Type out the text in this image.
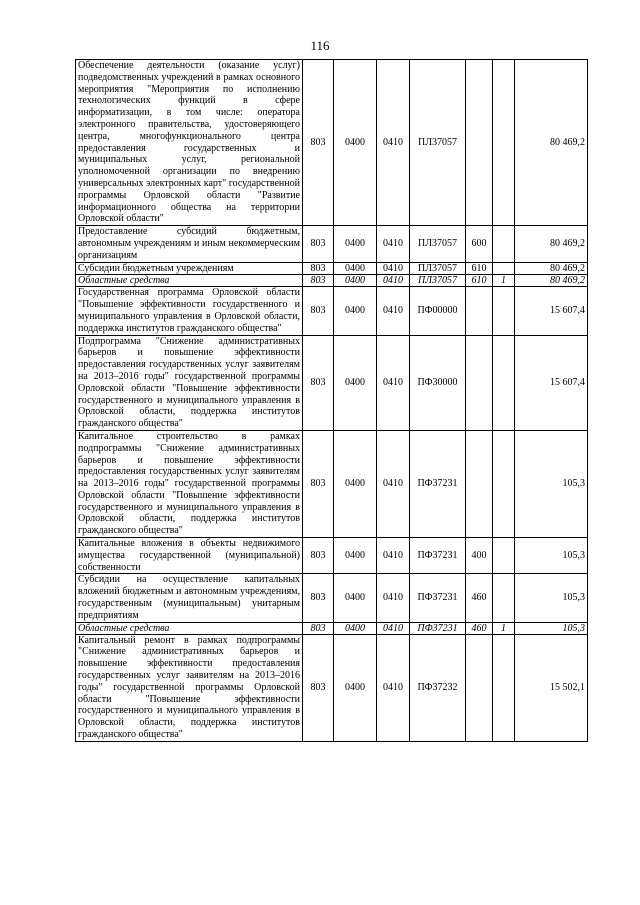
116
Обеспечение деятельности (оказание услуг) подведомственных учреждений в рамках основного мероприятия "Мероприятия по исполнению технологических функций в сфере информатизации, в том числе: оператора электронного правительства, удостоверяющего центра, многофункционального центра предоставления государственных и муниципальных услуг, региональной уполномоченной организации по внедрению универсальных электронных карт" государственной программы Орловской области "Развитие информационного общества на территории Орловской области"	803	0400	0410	ПЛ37057			80 469,2
Предоставление субсидий бюджетным, автономным учреждениям и иным некоммерческим организациям	803	0400	0410	ПЛ37057	600		80 469,2
Субсидии бюджетным учреждениям	803	0400	0410	ПЛ37057	610		80 469,2
Областные средства	803	0400	0410	ПЛ37057	610	1	80 469,2
Государственная программа Орловской области "Повышение эффективности государственного и муниципального управления в Орловской области, поддержка институтов гражданского общества"	803	0400	0410	ПФ00000			15 607,4
Подпрограмма "Снижение административных барьеров и повышение эффективности предоставления государственных услуг заявителям на 2013–2016 годы" государственной программы Орловской области "Повышение эффективности государственного и муниципального управления в Орловской области, поддержка институтов гражданского общества"	803	0400	0410	ПФ30000			15 607,4
Капитальное строительство в рамках подпрограммы "Снижение административных барьеров и повышение эффективности предоставления государственных услуг заявителям на 2013–2016 годы" государственной программы Орловской области "Повышение эффективности государственного и муниципального управления в Орловской области, поддержка институтов гражданского общества"	803	0400	0410	ПФ37231			105,3
Капитальные вложения в объекты недвижимого имущества государственной (муниципальной) собственности	803	0400	0410	ПФ37231	400		105,3
Субсидии на осуществление капитальных вложений бюджетным и автономным учреждениям, государственным (муниципальным) унитарным предприятиям	803	0400	0410	ПФ37231	460		105,3
Областные средства	803	0400	0410	ПФ37231	460	1	105,3
Капитальный ремонт в рамках подпрограммы "Снижение административных барьеров и повышение эффективности предоставления государственных услуг заявителям на 2013–2016 годы" государственной программы Орловской области "Повышение эффективности государственного и муниципального управления в Орловской области, поддержка институтов гражданского общества"	803	0400	0410	ПФ37232			15 502,1
